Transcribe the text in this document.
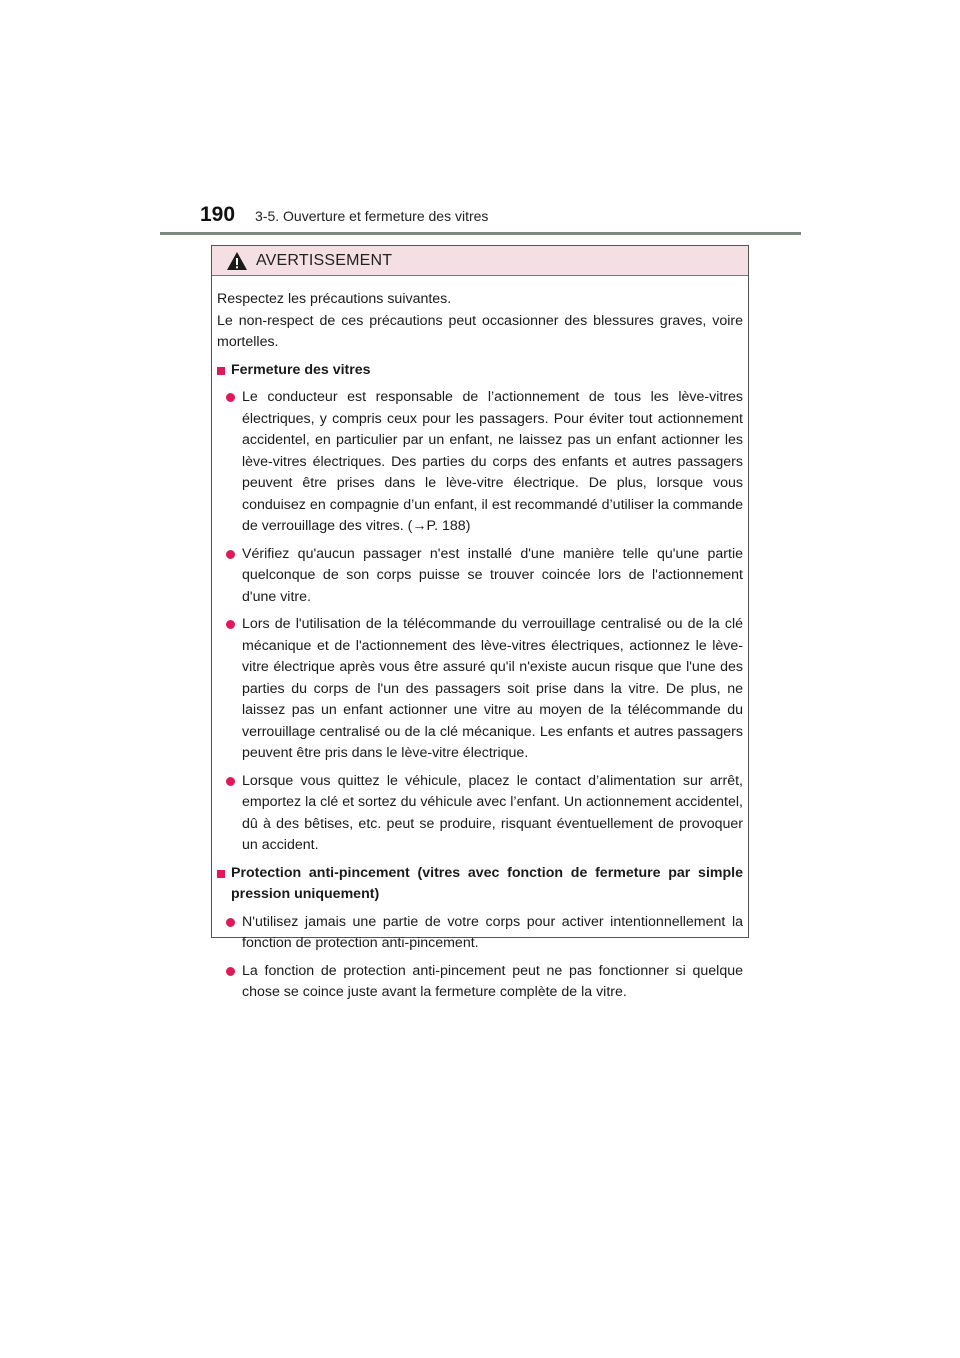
190 3-5. Ouverture et fermeture des vitres
AVERTISSEMENT

Respectez les précautions suivantes.

Le non-respect de ces précautions peut occasionner des blessures graves, voire mortelles.

Fermeture des vitres
Le conducteur est responsable de l’actionnement de tous les lève-vitres électriques, y compris ceux pour les passagers. Pour éviter tout actionnement accidentel, en particulier par un enfant, ne laissez pas un enfant actionner les lève-vitres électriques. Des parties du corps des enfants et autres passagers peuvent être prises dans le lève-vitre électrique. De plus, lorsque vous conduisez en compagnie d’un enfant, il est recommandé d’utiliser la commande de verrouillage des vitres. (→P. 188)
Vérifiez qu'aucun passager n'est installé d'une manière telle qu'une partie quelconque de son corps puisse se trouver coincée lors de l'actionnement d'une vitre.
Lors de l'utilisation de la télécommande du verrouillage centralisé ou de la clé mécanique et de l'actionnement des lève-vitres électriques, actionnez le lève-vitre électrique après vous être assuré qu'il n'existe aucun risque que l'une des parties du corps de l'un des passagers soit prise dans la vitre. De plus, ne laissez pas un enfant actionner une vitre au moyen de la télécommande du verrouillage centralisé ou de la clé mécanique. Les enfants et autres passagers peuvent être pris dans le lève-vitre électrique.
Lorsque vous quittez le véhicule, placez le contact d’alimentation sur arrêt, emportez la clé et sortez du véhicule avec l’enfant. Un actionnement accidentel, dû à des bêtises, etc. peut se produire, risquant éventuellement de provoquer un accident.
Protection anti-pincement (vitres avec fonction de fermeture par simple pression uniquement)
N'utilisez jamais une partie de votre corps pour activer intentionnellement la fonction de protection anti-pincement.
La fonction de protection anti-pincement peut ne pas fonctionner si quelque chose se coince juste avant la fermeture complète de la vitre.
